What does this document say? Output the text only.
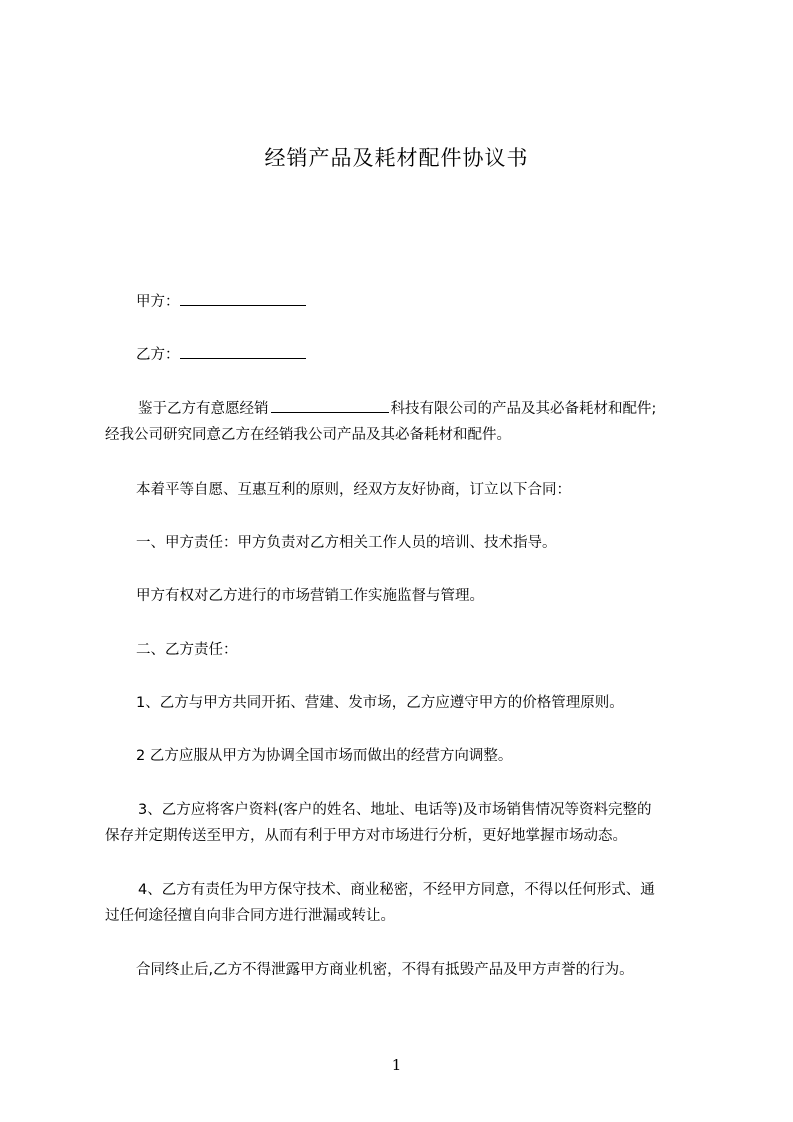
经销产品及耗材配件协议书
甲方：
乙方：
鉴于乙方有意愿经销	科技有限公司的产品及其必备耗材和配件;
经我公司研究同意乙方在经销我公司产品及其必备耗材和配件。
本着平等自愿、互惠互利的原则，经双方友好协商，订立以下合同：
一、甲方责任：甲方负责对乙方相关工作人员的培训、技术指导。
甲方有权对乙方进行的市场营销工作实施监督与管理。
二、乙方责任：
1、乙方与甲方共同开拓、营建、发市场，乙方应遵守甲方的价格管理原则。
2 乙方应服从甲方为协调全国市场而做出的经营方向调整。
3、乙方应将客户资料(客户的姓名、地址、电话等)及市场销售情况等资料完整的
保存并定期传送至甲方，从而有利于甲方对市场进行分析，更好地掌握市场动态。
4、乙方有责任为甲方保守技术、商业秘密，不经甲方同意，不得以任何形式、通
过任何途径擅自向非合同方进行泄漏或转让。
合同终止后,乙方不得泄露甲方商业机密，不得有抵毁产品及甲方声誉的行为。
1
